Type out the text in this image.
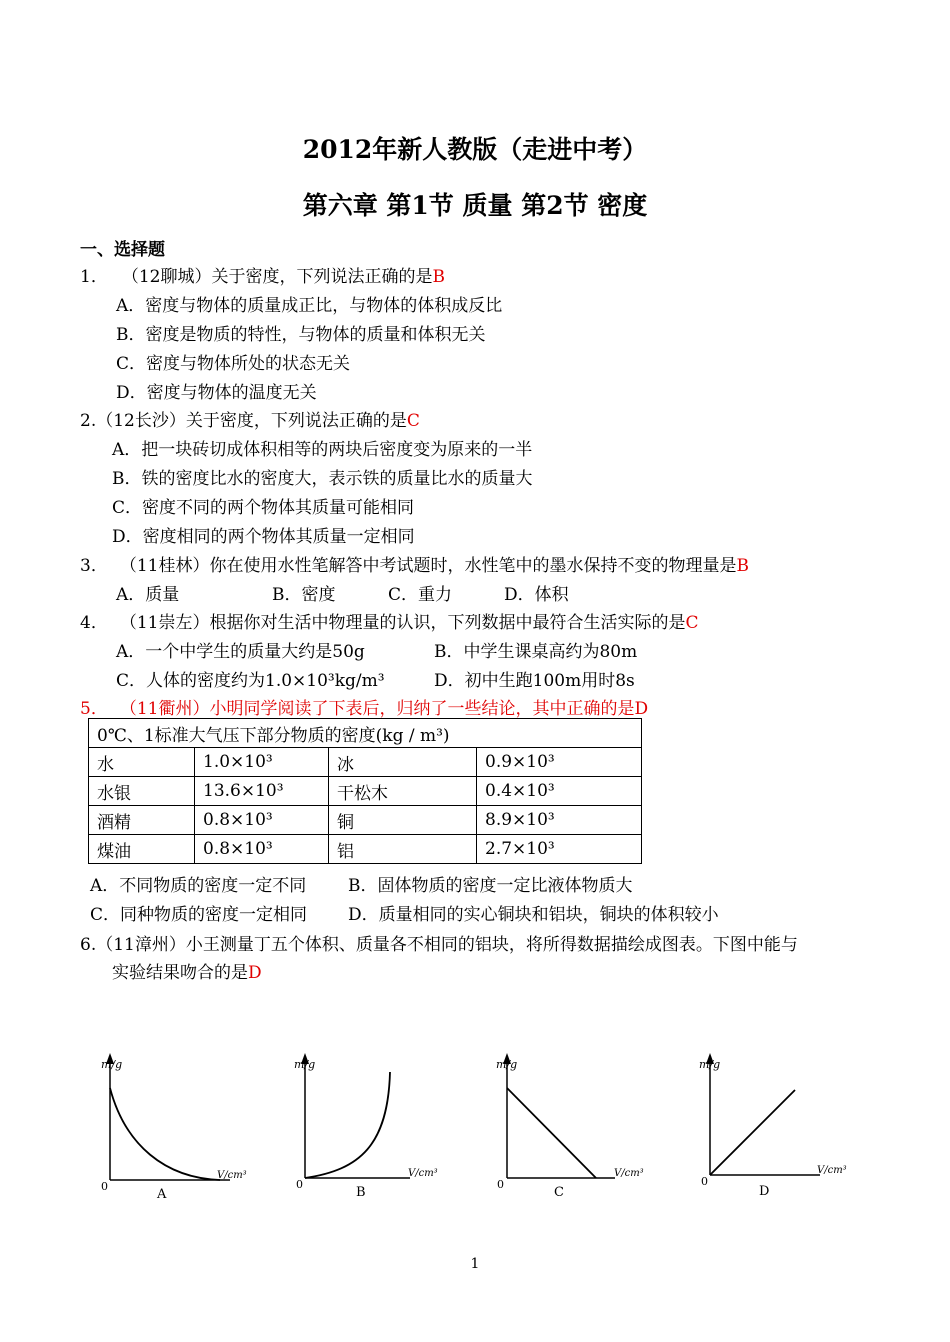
2012年新人教版（走进中考）
第六章 第1节 质量 第2节 密度
一、选择题
1． （12聊城）关于密度，下列说法正确的是B
A．密度与物体的质量成正比，与物体的体积成反比
B．密度是物质的特性，与物体的质量和体积无关
C．密度与物体所处的状态无关
D．密度与物体的温度无关
2.（12长沙）关于密度，下列说法正确的是C
A．把一块砖切成体积相等的两块后密度变为原来的一半
B．铁的密度比水的密度大，表示铁的质量比水的质量大
C．密度不同的两个物体其质量可能相同
D．密度相同的两个物体其质量一定相同
3． （11桂林）你在使用水性笔解答中考试题时，水性笔中的墨水保持不变的物理量是B
A．质量	B．密度	C．重力	D．体积
4． （11崇左）根据你对生活中物理量的认识，下列数据中最符合生活实际的是C
A．一个中学生的质量大约是50g	B．中学生课桌高约为80m
C．人体的密度约为1.0×10³kg/m³	D．初中生跑100m用时8s
5． （11衢州）小明同学阅读了下表后，归纳了一些结论，其中正确的是D
0℃、1标准大气压下部分物质的密度(kg / m³)			
水	1.0×10³	冰	0.9×10³
水银	13.6×10³	干松木	0.4×10³
酒精	0.8×10³	铜	8.9×10³
煤油	0.8×10³	铝	2.7×10³
A．不同物质的密度一定不同 B．固体物质的密度一定比液体物质大
C．同种物质的密度一定相同 D．质量相同的实心铜块和铝块，铜块的体积较小
6.（11漳州）小王测量丁五个体积、质量各不相同的铝块，将所得数据描绘成图表。下图中能与
实验结果吻合的是D
m/g
V/cm³
0
A
m/g
V/cm³
0
B
m/g
V/cm³
0
C
m/g
V/cm³
0
D
1
